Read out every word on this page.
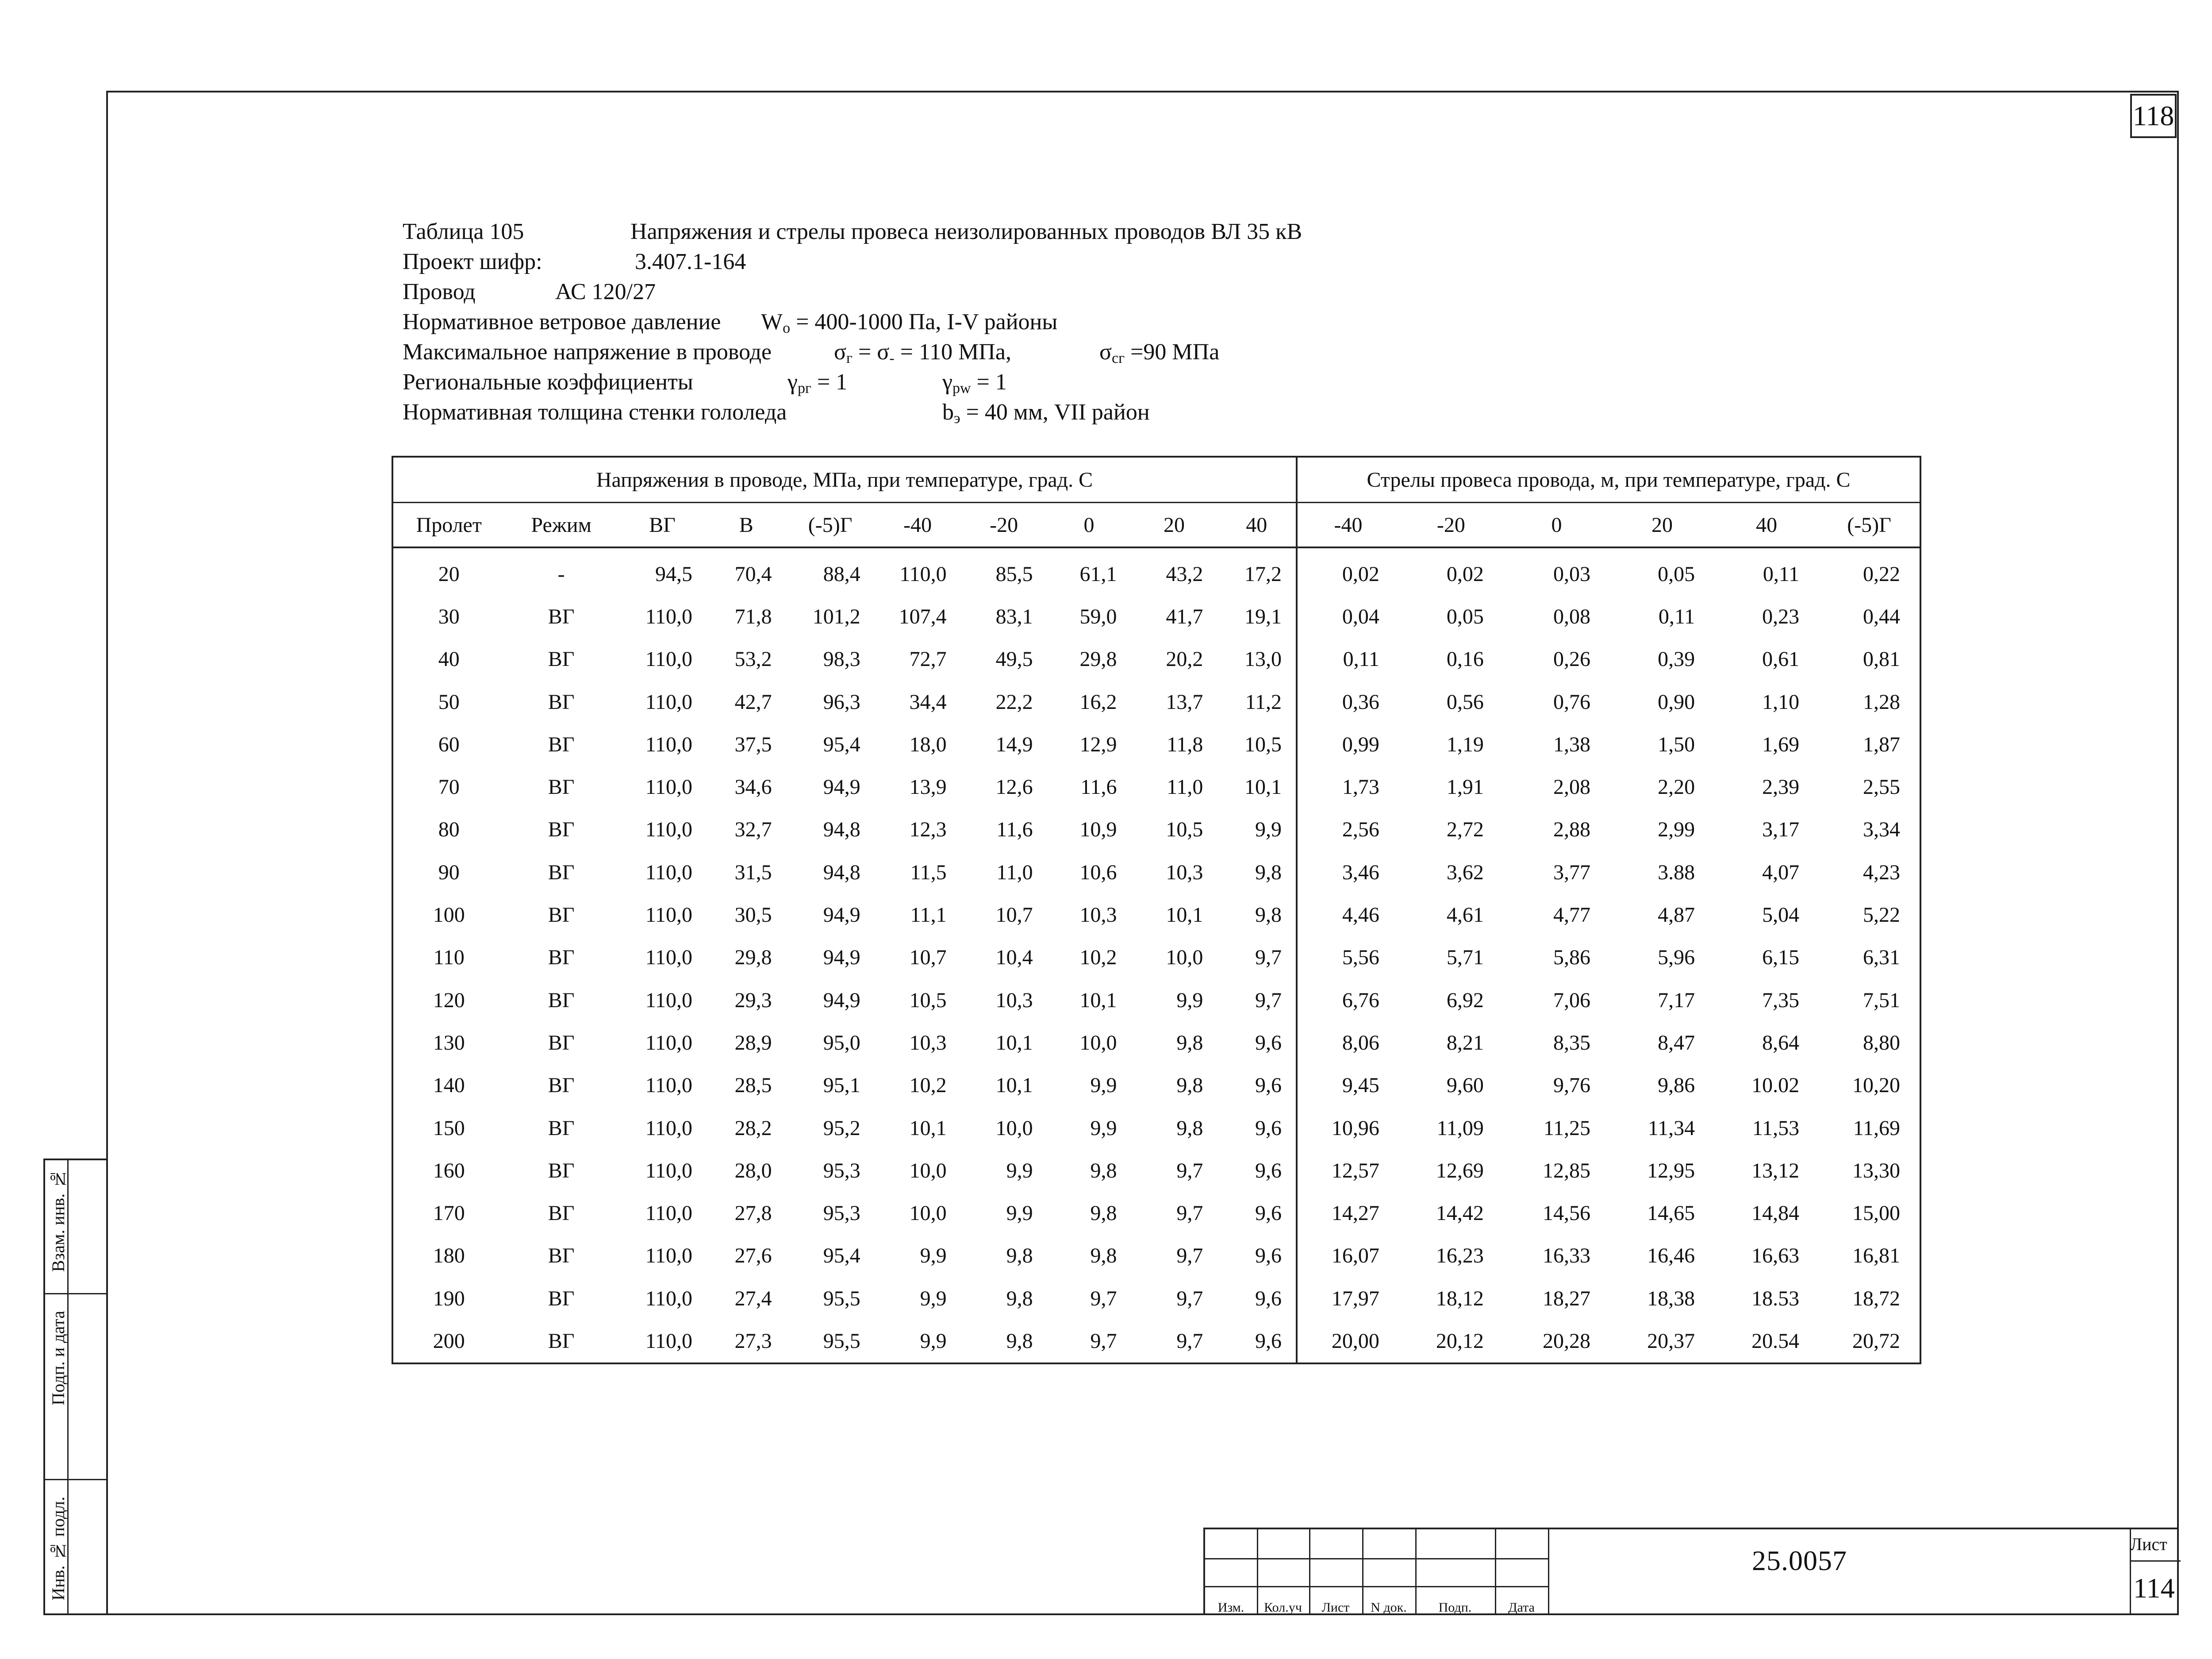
118
Инв. № подл.
Подп. и дата
Взам. инв. №
Таблица 105	Напряжения и стрелы провеса неизолированных проводов ВЛ 35 кВ
Проект шифр:	3.407.1-164
Провод	АС 120/27
Нормативное ветровое давление $W_о = 400-1000$ Па, I-V районы
Максимальное напряжение в проводе	$\sigma_г = \sigma_- = 110$ МПа,	$\sigma_{сг} =90$ МПа
Региональные коэффициенты	$\gamma_{рг} = 1$	$\gamma_{pw} = 1$
Нормативная толщина стенки гололеда	$b_э = 40$ мм, VII район
Напряжения в проводе, МПа, при температуре, град. С										Стрелы провеса провода, м, при температуре, град. С					
Пролет	Режим	ВГ	В	(-5)Г	-40	-20	0	20	40	-40	-20	0	20	40	(-5)Г
20	-	94,5	70,4	88,4	110,0	85,5	61,1	43,2	17,2	0,02	0,02	0,03	0,05	0,11	0,22
30	ВГ	110,0	71,8	101,2	107,4	83,1	59,0	41,7	19,1	0,04	0,05	0,08	0,11	0,23	0,44
40	ВГ	110,0	53,2	98,3	72,7	49,5	29,8	20,2	13,0	0,11	0,16	0,26	0,39	0,61	0,81
50	ВГ	110,0	42,7	96,3	34,4	22,2	16,2	13,7	11,2	0,36	0,56	0,76	0,90	1,10	1,28
60	ВГ	110,0	37,5	95,4	18,0	14,9	12,9	11,8	10,5	0,99	1,19	1,38	1,50	1,69	1,87
70	ВГ	110,0	34,6	94,9	13,9	12,6	11,6	11,0	10,1	1,73	1,91	2,08	2,20	2,39	2,55
80	ВГ	110,0	32,7	94,8	12,3	11,6	10,9	10,5	9,9	2,56	2,72	2,88	2,99	3,17	3,34
90	ВГ	110,0	31,5	94,8	11,5	11,0	10,6	10,3	9,8	3,46	3,62	3,77	3.88	4,07	4,23
100	ВГ	110,0	30,5	94,9	11,1	10,7	10,3	10,1	9,8	4,46	4,61	4,77	4,87	5,04	5,22
110	ВГ	110,0	29,8	94,9	10,7	10,4	10,2	10,0	9,7	5,56	5,71	5,86	5,96	6,15	6,31
120	ВГ	110,0	29,3	94,9	10,5	10,3	10,1	9,9	9,7	6,76	6,92	7,06	7,17	7,35	7,51
130	ВГ	110,0	28,9	95,0	10,3	10,1	10,0	9,8	9,6	8,06	8,21	8,35	8,47	8,64	8,80
140	ВГ	110,0	28,5	95,1	10,2	10,1	9,9	9,8	9,6	9,45	9,60	9,76	9,86	10.02	10,20
150	ВГ	110,0	28,2	95,2	10,1	10,0	9,9	9,8	9,6	10,96	11,09	11,25	11,34	11,53	11,69
160	ВГ	110,0	28,0	95,3	10,0	9,9	9,8	9,7	9,6	12,57	12,69	12,85	12,95	13,12	13,30
170	ВГ	110,0	27,8	95,3	10,0	9,9	9,8	9,7	9,6	14,27	14,42	14,56	14,65	14,84	15,00
180	ВГ	110,0	27,6	95,4	9,9	9,8	9,8	9,7	9,6	16,07	16,23	16,33	16,46	16,63	16,81
190	ВГ	110,0	27,4	95,5	9,9	9,8	9,7	9,7	9,6	17,97	18,12	18,27	18,38	18.53	18,72
200	ВГ	110,0	27,3	95,5	9,9	9,8	9,7	9,7	9,6	20,00	20,12	20,28	20,37	20.54	20,72
Изм.	Кол.уч	Лист	N док.	Подп.	Дата
25.0057
Лист
114
